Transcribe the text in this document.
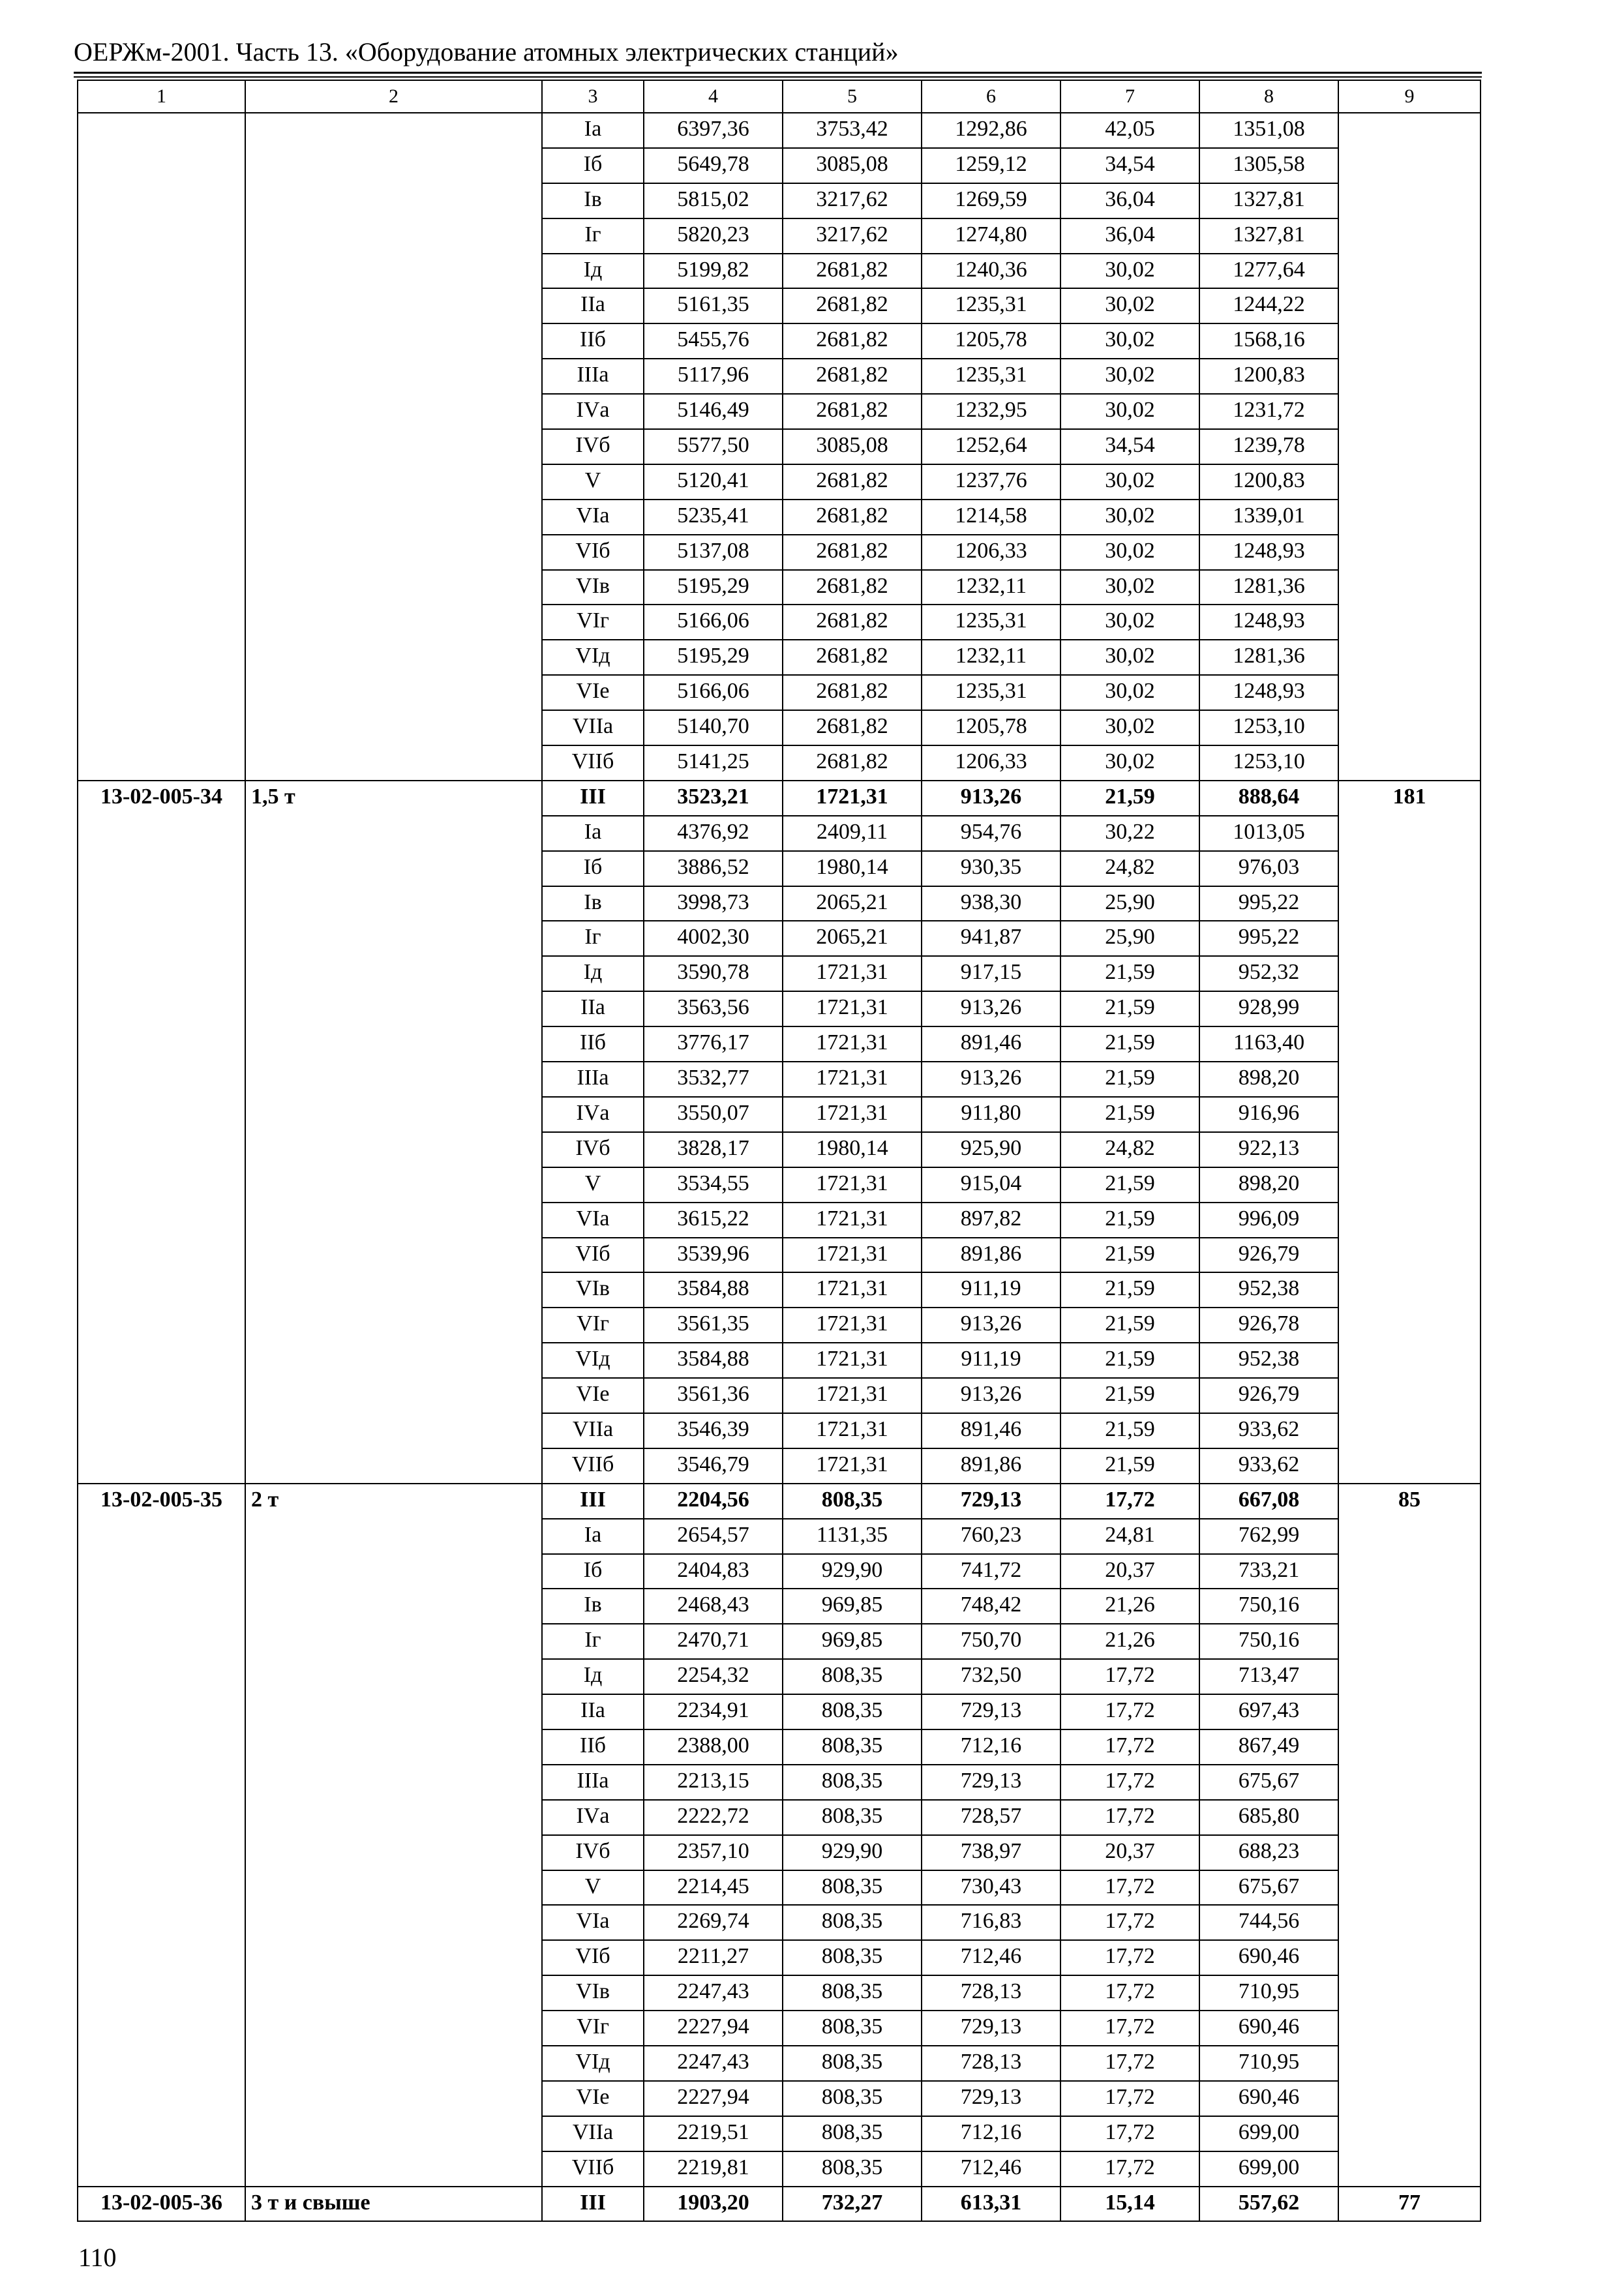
ОЕРЖм-2001. Часть 13. «Оборудование атомных электрических станций»
1	2	3	4	5	6	7	8	9
		Iа	6397,36	3753,42	1292,86	42,05	1351,08	
		Iб	5649,78	3085,08	1259,12	34,54	1305,58	
		Iв	5815,02	3217,62	1269,59	36,04	1327,81	
		Iг	5820,23	3217,62	1274,80	36,04	1327,81	
		Iд	5199,82	2681,82	1240,36	30,02	1277,64	
		IIа	5161,35	2681,82	1235,31	30,02	1244,22	
		IIб	5455,76	2681,82	1205,78	30,02	1568,16	
		IIIа	5117,96	2681,82	1235,31	30,02	1200,83	
		IVа	5146,49	2681,82	1232,95	30,02	1231,72	
		IVб	5577,50	3085,08	1252,64	34,54	1239,78	
		V	5120,41	2681,82	1237,76	30,02	1200,83	
		VIа	5235,41	2681,82	1214,58	30,02	1339,01	
		VIб	5137,08	2681,82	1206,33	30,02	1248,93	
		VIв	5195,29	2681,82	1232,11	30,02	1281,36	
		VIг	5166,06	2681,82	1235,31	30,02	1248,93	
		VIд	5195,29	2681,82	1232,11	30,02	1281,36	
		VIе	5166,06	2681,82	1235,31	30,02	1248,93	
		VIIа	5140,70	2681,82	1205,78	30,02	1253,10	
		VIIб	5141,25	2681,82	1206,33	30,02	1253,10	
13-02-005-34	1,5 т	III	3523,21	1721,31	913,26	21,59	888,64	181
		Iа	4376,92	2409,11	954,76	30,22	1013,05	
		Iб	3886,52	1980,14	930,35	24,82	976,03	
		Iв	3998,73	2065,21	938,30	25,90	995,22	
		Iг	4002,30	2065,21	941,87	25,90	995,22	
		Iд	3590,78	1721,31	917,15	21,59	952,32	
		IIа	3563,56	1721,31	913,26	21,59	928,99	
		IIб	3776,17	1721,31	891,46	21,59	1163,40	
		IIIа	3532,77	1721,31	913,26	21,59	898,20	
		IVа	3550,07	1721,31	911,80	21,59	916,96	
		IVб	3828,17	1980,14	925,90	24,82	922,13	
		V	3534,55	1721,31	915,04	21,59	898,20	
		VIа	3615,22	1721,31	897,82	21,59	996,09	
		VIб	3539,96	1721,31	891,86	21,59	926,79	
		VIв	3584,88	1721,31	911,19	21,59	952,38	
		VIг	3561,35	1721,31	913,26	21,59	926,78	
		VIд	3584,88	1721,31	911,19	21,59	952,38	
		VIе	3561,36	1721,31	913,26	21,59	926,79	
		VIIа	3546,39	1721,31	891,46	21,59	933,62	
		VIIб	3546,79	1721,31	891,86	21,59	933,62	
13-02-005-35	2 т	III	2204,56	808,35	729,13	17,72	667,08	85
		Iа	2654,57	1131,35	760,23	24,81	762,99	
		Iб	2404,83	929,90	741,72	20,37	733,21	
		Iв	2468,43	969,85	748,42	21,26	750,16	
		Iг	2470,71	969,85	750,70	21,26	750,16	
		Iд	2254,32	808,35	732,50	17,72	713,47	
		IIа	2234,91	808,35	729,13	17,72	697,43	
		IIб	2388,00	808,35	712,16	17,72	867,49	
		IIIа	2213,15	808,35	729,13	17,72	675,67	
		IVа	2222,72	808,35	728,57	17,72	685,80	
		IVб	2357,10	929,90	738,97	20,37	688,23	
		V	2214,45	808,35	730,43	17,72	675,67	
		VIа	2269,74	808,35	716,83	17,72	744,56	
		VIб	2211,27	808,35	712,46	17,72	690,46	
		VIв	2247,43	808,35	728,13	17,72	710,95	
		VIг	2227,94	808,35	729,13	17,72	690,46	
		VIд	2247,43	808,35	728,13	17,72	710,95	
		VIе	2227,94	808,35	729,13	17,72	690,46	
		VIIа	2219,51	808,35	712,16	17,72	699,00	
		VIIб	2219,81	808,35	712,46	17,72	699,00	
13-02-005-36	3 т и свыше	III	1903,20	732,27	613,31	15,14	557,62	77
110
